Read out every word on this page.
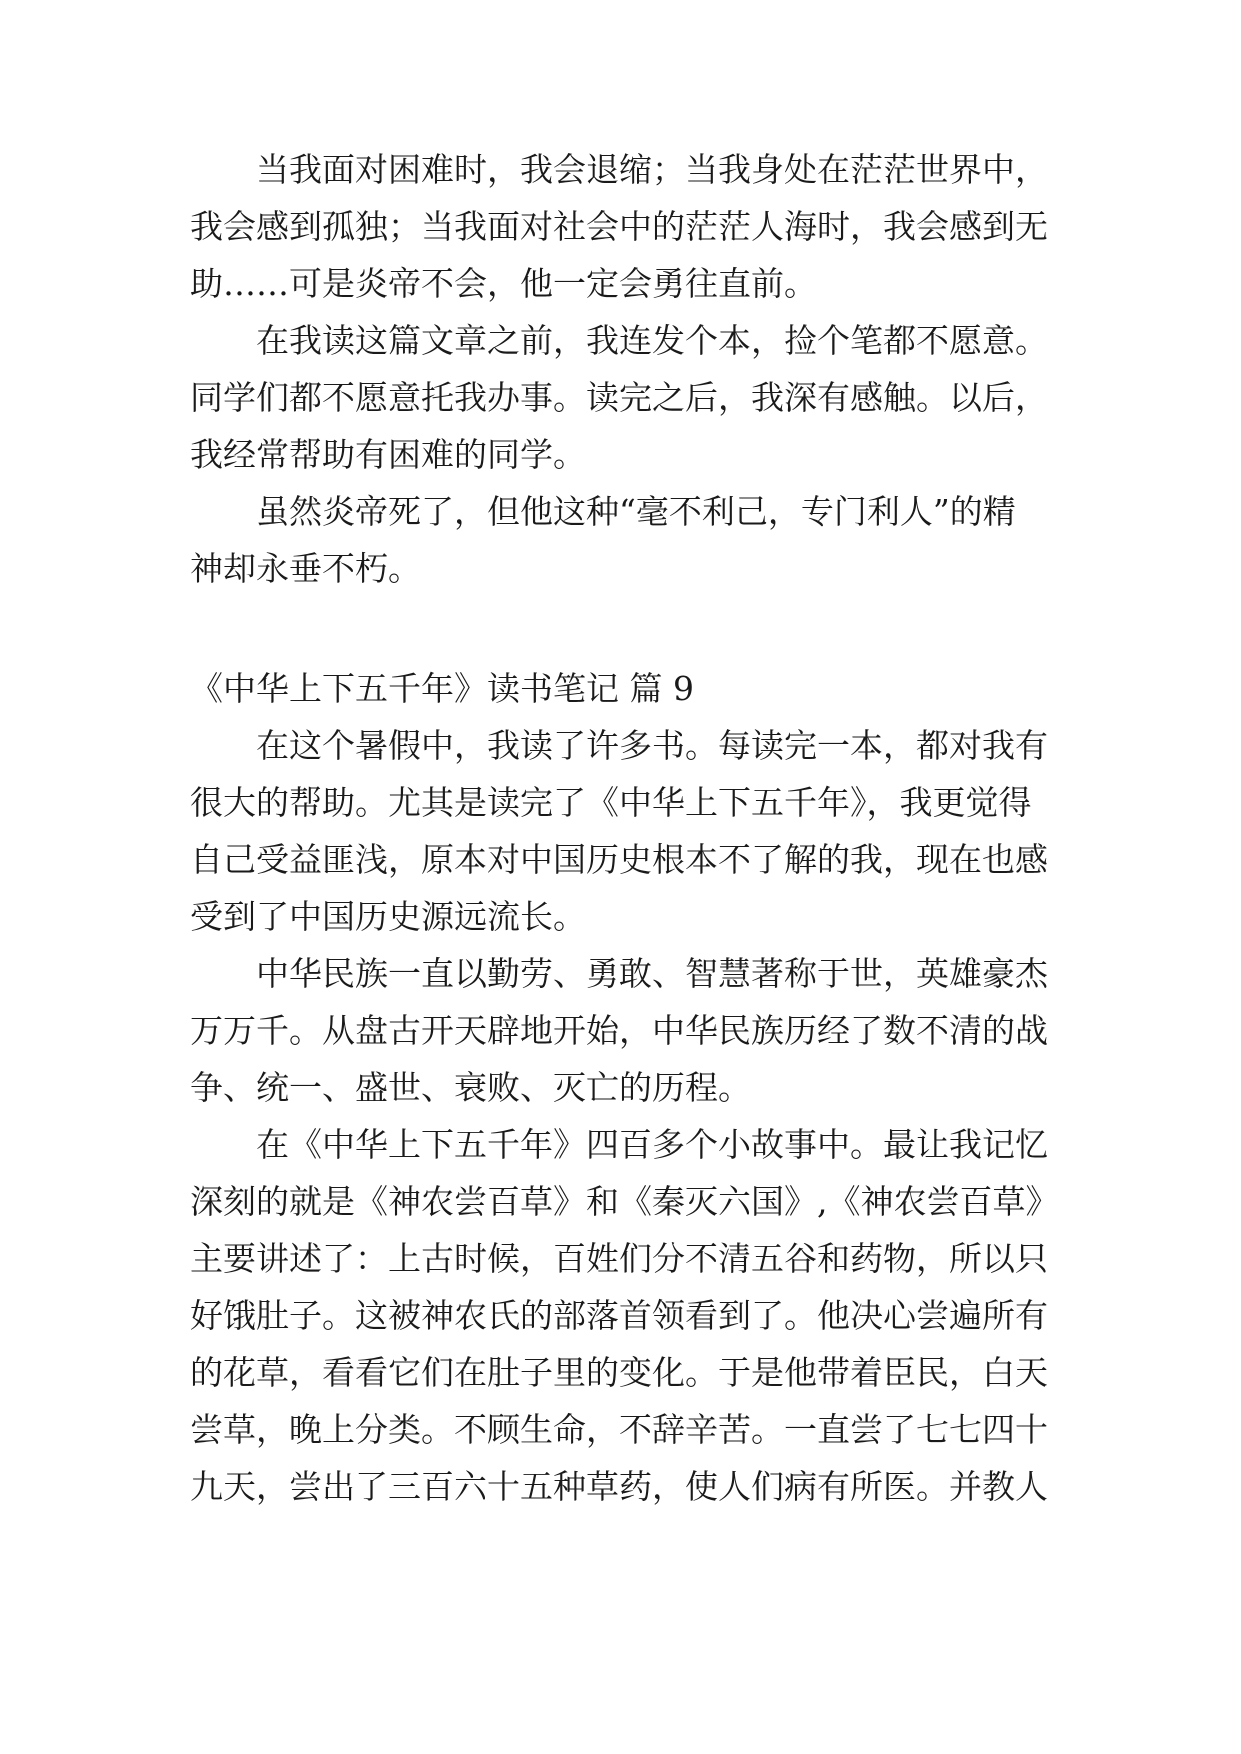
　　当我面对困难时，我会退缩；当我身处在茫茫世界中，
我会感到孤独；当我面对社会中的茫茫人海时，我会感到无
助……可是炎帝不会，他一定会勇往直前。
　　在我读这篇文章之前，我连发个本，捡个笔都不愿意。
同学们都不愿意托我办事。读完之后，我深有感触。以后，
我经常帮助有困难的同学。
　　虽然炎帝死了，但他这种“毫不利己，专门利人”的精
神却永垂不朽。
《中华上下五千年》读书笔记 篇 9
　　在这个暑假中，我读了许多书。每读完一本，都对我有
很大的帮助。尤其是读完了《中华上下五千年》，我更觉得
自己受益匪浅，原本对中国历史根本不了解的我，现在也感
受到了中国历史源远流长。
　　中华民族一直以勤劳、勇敢、智慧著称于世，英雄豪杰
万万千。从盘古开天辟地开始，中华民族历经了数不清的战
争、统一、盛世、衰败、灭亡的历程。
　　在《中华上下五千年》四百多个小故事中。最让我记忆
深刻的就是《神农尝百草》和《秦灭六国》,《神农尝百草》
主要讲述了：上古时候，百姓们分不清五谷和药物，所以只
好饿肚子。这被神农氏的部落首领看到了。他决心尝遍所有
的花草，看看它们在肚子里的变化。于是他带着臣民，白天
尝草，晚上分类。不顾生命，不辞辛苦。一直尝了七七四十
九天，尝出了三百六十五种草药，使人们病有所医。并教人
